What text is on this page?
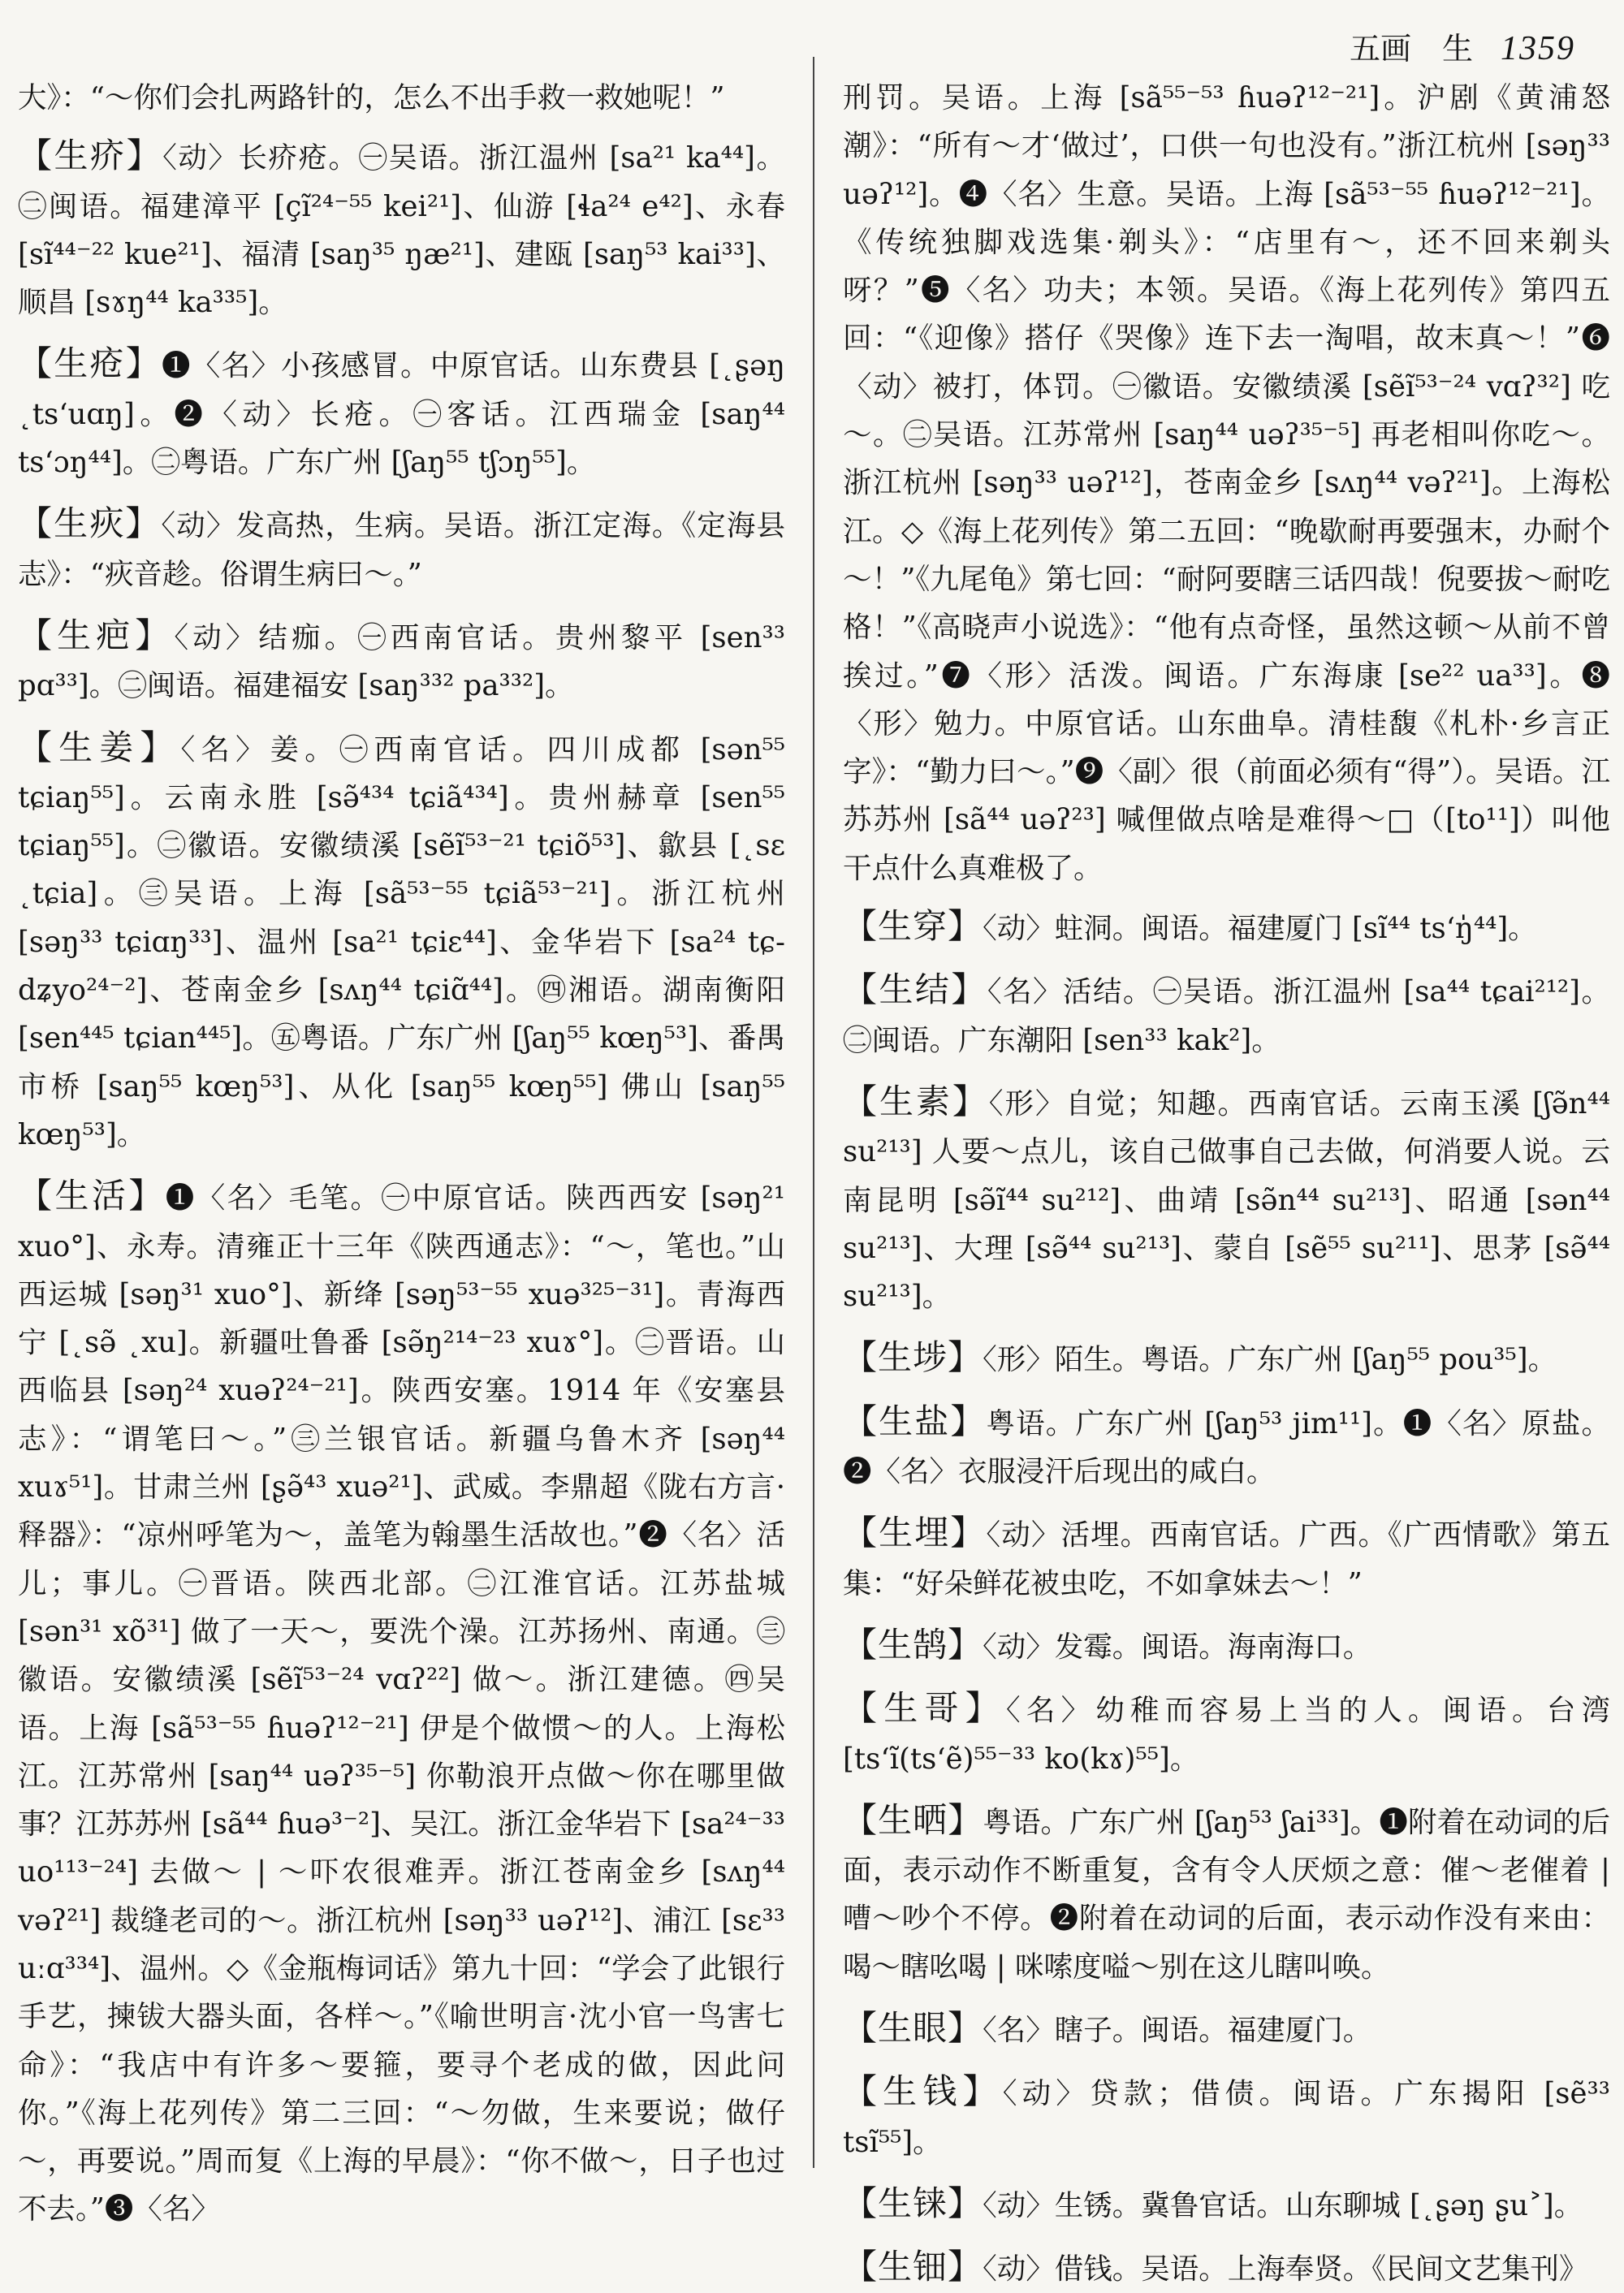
五画　生 1359

大》：“～你们会扎两路针的，怎么不出手救一救她呢！”

【生疥】〈动〉长疥疮。㊀吴语。浙江温州 [sa²¹ ka⁴⁴]。㊁闽语。福建漳平 [çĩ²⁴⁻⁵⁵ kei²¹]、仙游 [ɬa²⁴ e⁴²]、永春 [sĩ⁴⁴⁻²² kue²¹]、福清 [saŋ³⁵ ŋæ²¹]、建瓯 [saŋ⁵³ kai³³]、顺昌 [sɤŋ⁴⁴ ka³³⁵]。

【生疮】❶〈名〉小孩感冒。中原官话。山东费县 [˛ʂəŋ ˛tsʻuɑŋ]。❷〈动〉长疮。㊀客话。江西瑞金 [saŋ⁴⁴ tsʻɔŋ⁴⁴]。㊁粤语。广东广州 [ʃaŋ⁵⁵ tʃɔŋ⁵⁵]。

【生疢】〈动〉发高热，生病。吴语。浙江定海。《定海县志》：“疢音趁。俗谓生病曰～。”

【生疤】〈动〉结痂。㊀西南官话。贵州黎平 [sen³³ pɑ³³]。㊁闽语。福建福安 [saŋ³³² pa³³²]。

【生姜】〈名〉姜。㊀西南官话。四川成都 [sən⁵⁵ tɕiaŋ⁵⁵]。云南永胜 [sə̃⁴³⁴ tɕiã⁴³⁴]。贵州赫章 [sen⁵⁵ tɕiaŋ⁵⁵]。㊁徽语。安徽绩溪 [sẽĩ⁵³⁻²¹ tɕiõ⁵³]、歙县 [˛sɛ ˛tɕia]。㊂吴语。上海 [sã⁵³⁻⁵⁵ tɕiã⁵³⁻²¹]。浙江杭州 [səŋ³³ tɕiɑŋ³³]、温州 [sa²¹ tɕiɛ⁴⁴]、金华岩下 [sa²⁴ tɕ-dʑyo²⁴⁻²]、苍南金乡 [sʌŋ⁴⁴ tɕiɑ̃⁴⁴]。㊃湘语。湖南衡阳 [sen⁴⁴⁵ tɕian⁴⁴⁵]。㊄粤语。广东广州 [ʃaŋ⁵⁵ kœŋ⁵³]、番禺市桥 [saŋ⁵⁵ kœŋ⁵³]、从化 [saŋ⁵⁵ kœŋ⁵⁵] 佛山 [saŋ⁵⁵ kœŋ⁵³]。

【生活】❶〈名〉毛笔。㊀中原官话。陕西西安 [səŋ²¹ xuo°]、永寿。清雍正十三年《陕西通志》：“～，笔也。”山西运城 [səŋ³¹ xuo°]、新绛 [səŋ⁵³⁻⁵⁵ xuə³²⁵⁻³¹]。青海西宁 [˛sə̃ ˛xu]。新疆吐鲁番 [sə̃ŋ²¹⁴⁻²³ xuɤ°]。㊁晋语。山西临县 [səŋ²⁴ xuəʔ²⁴⁻²¹]。陕西安塞。1914 年《安塞县志》：“谓笔曰～。”㊂兰银官话。新疆乌鲁木齐 [səŋ⁴⁴ xuɤ⁵¹]。甘肃兰州 [ʂə̃⁴³ xuə²¹]、武威。李鼎超《陇右方言·释器》：“凉州呼笔为～，盖笔为翰墨生活故也。”❷〈名〉活儿；事儿。㊀晋语。陕西北部。㊁江淮官话。江苏盐城 [sən³¹ xõ³¹] 做了一天～，要洗个澡。江苏扬州、南通。㊂徽语。安徽绩溪 [sẽĩ⁵³⁻²⁴ vɑʔ²²] 做～。浙江建德。㊃吴语。上海 [sã⁵³⁻⁵⁵ ɦuəʔ¹²⁻²¹] 伊是个做惯～的人。上海松江。江苏常州 [saŋ⁴⁴ uəʔ³⁵⁻⁵] 你勒浪开点做～你在哪里做事？江苏苏州 [sã⁴⁴ ɦuə³⁻²]、吴江。浙江金华岩下 [sa²⁴⁻³³ uo¹¹³⁻²⁴] 去做～ | ～吓农很难弄。浙江苍南金乡 [sʌŋ⁴⁴ vəʔ²¹] 裁缝老司的～。浙江杭州 [səŋ³³ uəʔ¹²]、浦江 [sɛ³³ uːɑ³³⁴]、温州。◇《金瓶梅词话》第九十回：“学会了此银行手艺，揀钹大器头面，各样～。”《喻世明言·沈小官一鸟害七命》：“我店中有许多～要箍，要寻个老成的做，因此问你。”《海上花列传》第二三回：“～勿做，生来要说；做仔～，再要说。”周而复《上海的早晨》：“你不做～，日子也过不去。”❸〈名〉

刑罚。吴语。上海 [sã⁵⁵⁻⁵³ ɦuəʔ¹²⁻²¹]。沪剧《黄浦怒潮》：“所有～才‘做过’，口供一句也没有。”浙江杭州 [səŋ³³ uəʔ¹²]。❹〈名〉生意。吴语。上海 [sã⁵³⁻⁵⁵ ɦuəʔ¹²⁻²¹]。《传统独脚戏选集·剃头》：“店里有～，还不回来剃头呀？”❺〈名〉功夫；本领。吴语。《海上花列传》第四五回：“《迎像》搭仔《哭像》连下去一淘唱，故末真～！”❻〈动〉被打，体罚。㊀徽语。安徽绩溪 [sẽĩ⁵³⁻²⁴ vɑʔ³²] 吃～。㊁吴语。江苏常州 [saŋ⁴⁴ uəʔ³⁵⁻⁵] 再老相叫你吃～。浙江杭州 [səŋ³³ uəʔ¹²]，苍南金乡 [sʌŋ⁴⁴ vəʔ²¹]。上海松江。◇《海上花列传》第二五回：“晚歇耐再要强末，办耐个～！”《九尾龟》第七回：“耐阿要瞎三话四哉！倪要拔～耐吃格！”《高晓声小说选》：“他有点奇怪，虽然这顿～从前不曾挨过。”❼〈形〉活泼。闽语。广东海康 [se²² ua³³]。❽〈形〉勉力。中原官话。山东曲阜。清桂馥《札朴·乡言正字》：“勤力曰～。”❾〈副〉很（前面必须有“得”）。吴语。江苏苏州 [sã⁴⁴ uəʔ²³] 喊俚做点啥是难得～□（[to¹¹]）叫他干点什么真难极了。

【生穿】〈动〉蛀洞。闽语。福建厦门 [sĩ⁴⁴ tsʻŋ̍⁴⁴]。

【生结】〈名〉活结。㊀吴语。浙江温州 [sa⁴⁴ tɕai²¹²]。㊁闽语。广东潮阳 [sen³³ kak²]。

【生素】〈形〉自觉；知趣。西南官话。云南玉溪 [ʃə̃n⁴⁴ su²¹³] 人要～点儿，该自己做事自己去做，何消要人说。云南昆明 [sə̃ĩ⁴⁴ su²¹²]、曲靖 [sə̃n⁴⁴ su²¹³]、昭通 [sən⁴⁴ su²¹³]、大理 [sə̃⁴⁴ su²¹³]、蒙自 [sẽ⁵⁵ su²¹¹]、思茅 [sə̃⁴⁴ su²¹³]。

【生埗】〈形〉陌生。粤语。广东广州 [ʃaŋ⁵⁵ pou³⁵]。

【生盐】粤语。广东广州 [ʃaŋ⁵³ jim¹¹]。❶〈名〉原盐。❷〈名〉衣服浸汗后现出的咸白。

【生埋】〈动〉活埋。西南官话。广西。《广西情歌》第五集：“好朵鲜花被虫吃，不如拿妹去～！”

【生鹄】〈动〉发霉。闽语。海南海口。

【生哥】〈名〉幼稚而容易上当的人。闽语。台湾 [tsʻĩ(tsʻẽ)⁵⁵⁻³³ ko(kɤ)⁵⁵]。

【生晒】粤语。广东广州 [ʃaŋ⁵³ ʃai³³]。❶附着在动词的后面，表示动作不断重复，含有令人厌烦之意：催～老催着 | 嘈～吵个不停。❷附着在动词的后面，表示动作没有来由：喝～瞎吆喝 | 咪嗦度嗌～别在这儿瞎叫唤。

【生眼】〈名〉瞎子。闽语。福建厦门。

【生钱】〈动〉贷款；借债。闽语。广东揭阳 [sẽ³³ tsĩ⁵⁵]。

【生铼】〈动〉生锈。冀鲁官话。山东聊城 [˛ʂəŋ ʂu˃]。

【生钿】〈动〉借钱。吴语。上海奉贤。《民间文艺集刊》
